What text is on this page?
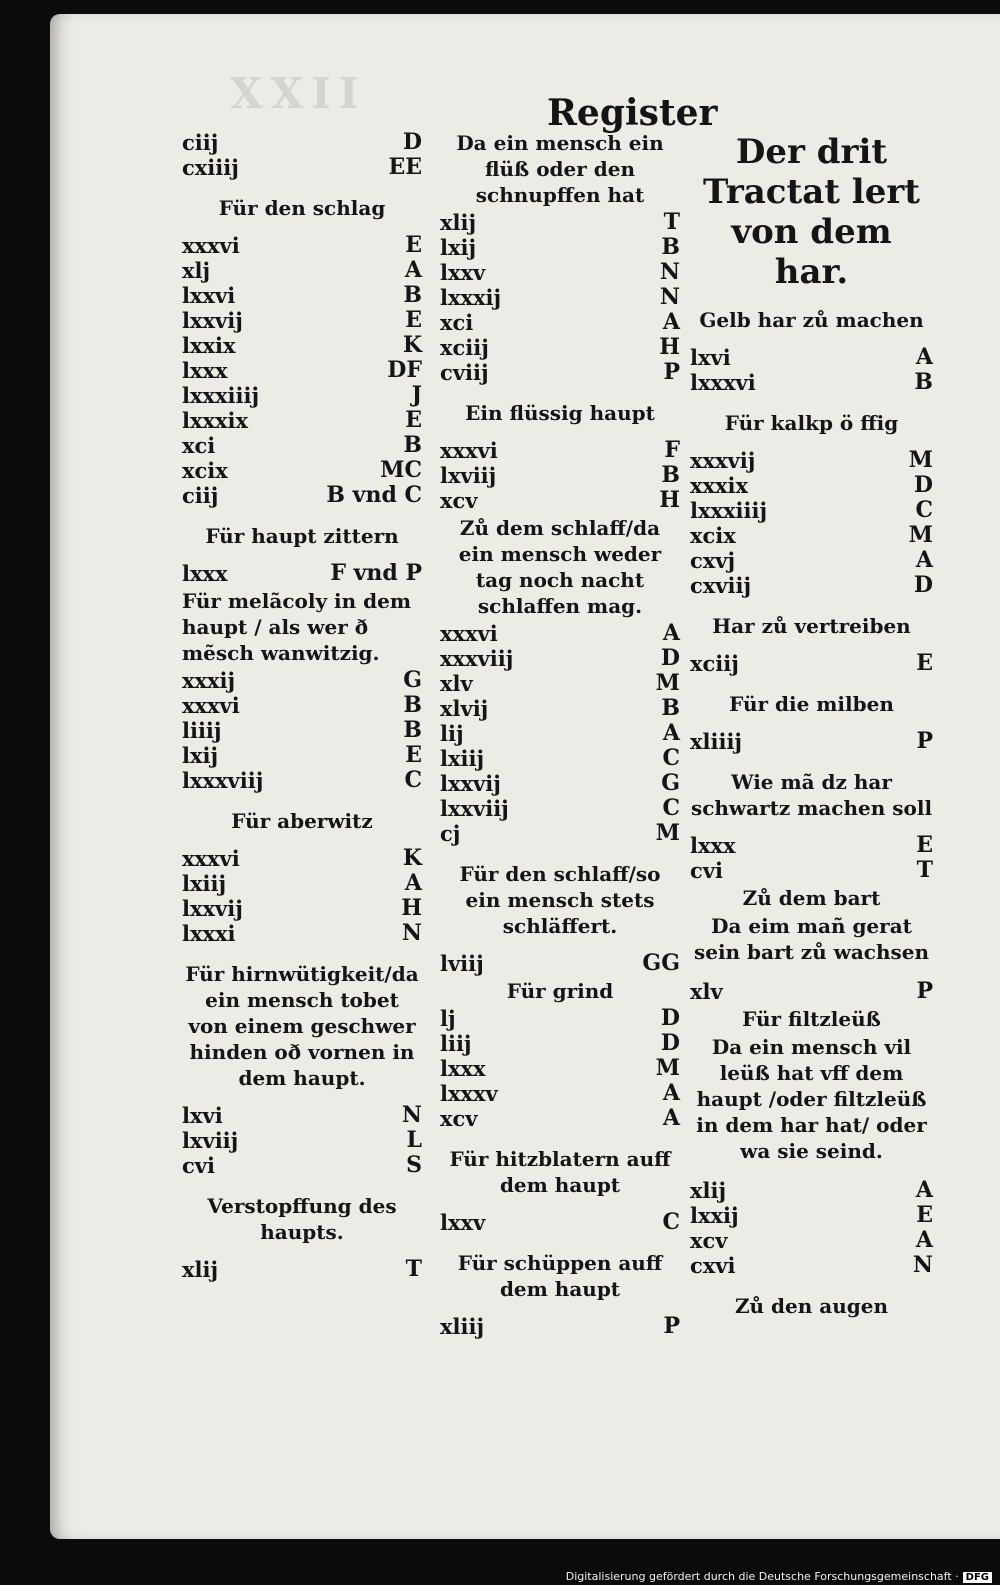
XXII	Register
ciij	D
cxiiij	EE
Für den schlag
xxxvi	E
xlj	A
lxxvi	B
lxxvij	E
lxxix	K
lxxx	DF
lxxxiiij	J
lxxxix	E
xci	B
xcix	MC
ciij	B vnd C
Für haupt zittern
lxxx	F vnd P
Für melãcoly in dem haupt / als wer ð mẽsch wanwitzig.
xxxij	G
xxxvi	B
liiij	B
lxij	E
lxxxviij	C
Für aberwitz
xxxvi	K
lxiij	A
lxxvij	H
lxxxi	N
Für hirnwütigkeit/da ein mensch tobet von einem geschwer hinden oð vornen in dem haupt.
lxvi	N
lxviij	L
cvi	S
Verstopffung des haupts.
xlij	T
Da ein mensch ein flüß oder den schnupffen hat
xlij	T
lxij	B
lxxv	N
lxxxij	N
xci	A
xciij	H
cviij	P
Ein flüssig haupt
xxxvi	F
lxviij	B
xcv	H
Zů dem schlaff/da ein mensch weder tag noch nacht schlaffen mag.
xxxvi	A
xxxviij	D
xlv	M
xlvij	B
lij	A
lxiij	C
lxxvij	G
lxxviij	C
cj	M
Für den schlaff/so ein mensch stets schläffert.
lviij	GG
Für grind
lj	D
liij	D
lxxx	M
lxxxv	A
xcv	A
Für hitzblatern auff dem haupt
lxxv	C
Für schüppen auff dem haupt
xliij	P
Der drit Tractat lert von dem har.
Gelb har zů machen
lxvi	A
lxxxvi	B
Für kalkp ö ffig
xxxvij	M
xxxix	D
lxxxiiij	C
xcix	M
cxvj	A
cxviij	D
Har zů vertreiben
xciij	E
Für die milben
xliiij	P
Wie mã dz har schwartz machen soll
lxxx	E
cvi	T
Zů dem bart
Da eim mañ gerat sein bart zů wachsen
xlv	P
Für filtzleüß
Da ein mensch vil leüß hat vff dem haupt /oder filtzleüß in dem har hat/ oder wa sie seind.
xlij	A
lxxij	E
xcv	A
cxvi	N
Zů den augen
Digitalisierung gefördert durch die Deutsche Forschungsgemeinschaft · DFG
